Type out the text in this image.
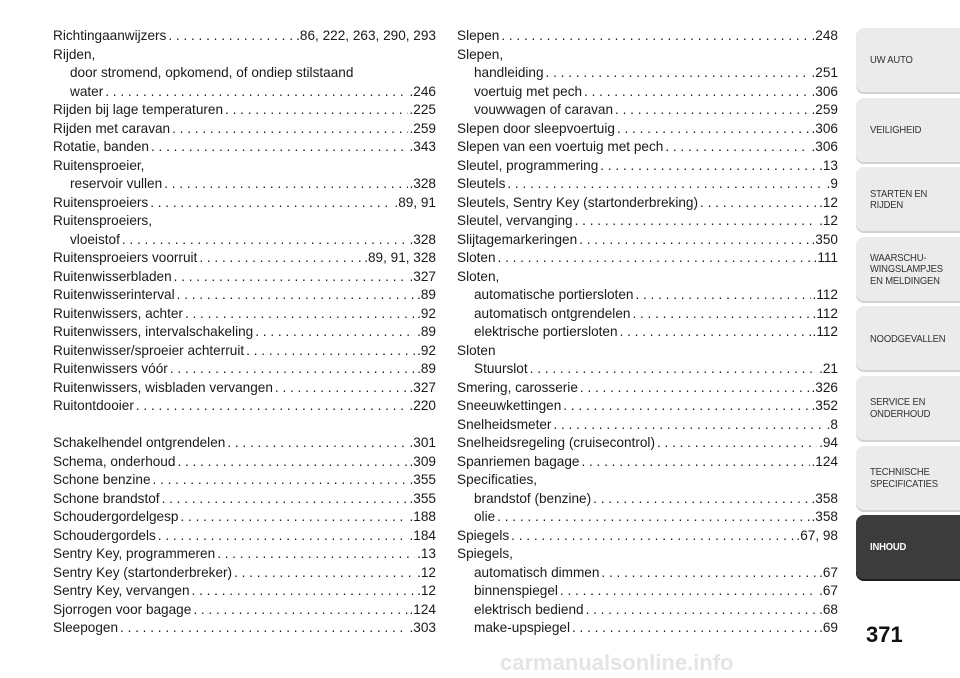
Richtingaanwijzers . . .	.86, 222, 263, 290, 293
Rijden,
door stromend, opkomend, of ondiep stilstaand
water . . .	.246
Rijden bij lage temperaturen . . .	.225
Rijden met caravan . . .	.259
Rotatie, banden . . .	.343
Ruitensproeier,
reservoir vullen . . .	.328
Ruitensproeiers . . .	.89, 91
Ruitensproeiers,
vloeistof . . .	.328
Ruitensproeiers voorruit . . .	.89, 91, 328
Ruitenwisserbladen . . .	.327
Ruitenwisserinterval . . .	.89
Ruitenwissers, achter . . .	.92
Ruitenwissers, intervalschakeling . . .	.89
Ruitenwisser/sproeier achterruit . . .	.92
Ruitenwissers vóór . . .	.89
Ruitenwissers, wisbladen vervangen . . .	.327
Ruitontdooier . . .	.220
Schakelhendel ontgrendelen . . .	.301
Schema, onderhoud . . .	.309
Schone benzine . . .	.355
Schone brandstof . . .	.355
Schoudergordelgesp . . .	.188
Schoudergordels . . .	.184
Sentry Key, programmeren . . .	.13
Sentry Key (startonderbreker) . . .	.12
Sentry Key, vervangen . . .	.12
Sjorrogen voor bagage . . .	.124
Sleepogen . . .	.303
Slepen . . .	.248
Slepen,
handleiding . . .	.251
voertuig met pech . . .	.306
vouwwagen of caravan . . .	.259
Slepen door sleepvoertuig . . .	.306
Slepen van een voertuig met pech . . .	.306
Sleutel, programmering . . .	.13
Sleutels . . .	.9
Sleutels, Sentry Key (startonderbreking) . . .	.12
Sleutel, vervanging . . .	.12
Slijtagemarkeringen . . .	.350
Sloten . . .	.111
Sloten,
automatische portiersloten . . .	.112
automatisch ontgrendelen . . .	.112
elektrische portiersloten . . .	.112
Sloten
Stuurslot . . .	.21
Smering, carosserie . . .	.326
Sneeuwkettingen . . .	.352
Snelheidsmeter . . .	.8
Snelheidsregeling (cruisecontrol) . . .	.94
Spanriemen bagage . . .	.124
Specificaties,
brandstof (benzine) . . .	.358
olie . . .	.358
Spiegels . . .	.67, 98
Spiegels,
automatisch dimmen . . .	.67
binnenspiegel . . .	.67
elektrisch bediend . . .	.68
make-upspiegel . . .	.69
UW AUTO
VEILIGHEID
STARTEN EN
RIJDEN
WAARSCHU-
WINGSLAMPJES
EN MELDINGEN
NOODGEVALLEN
SERVICE EN
ONDERHOUD
TECHNISCHE
SPECIFICATIES
INHOUD
371
carmanualsonline.info
